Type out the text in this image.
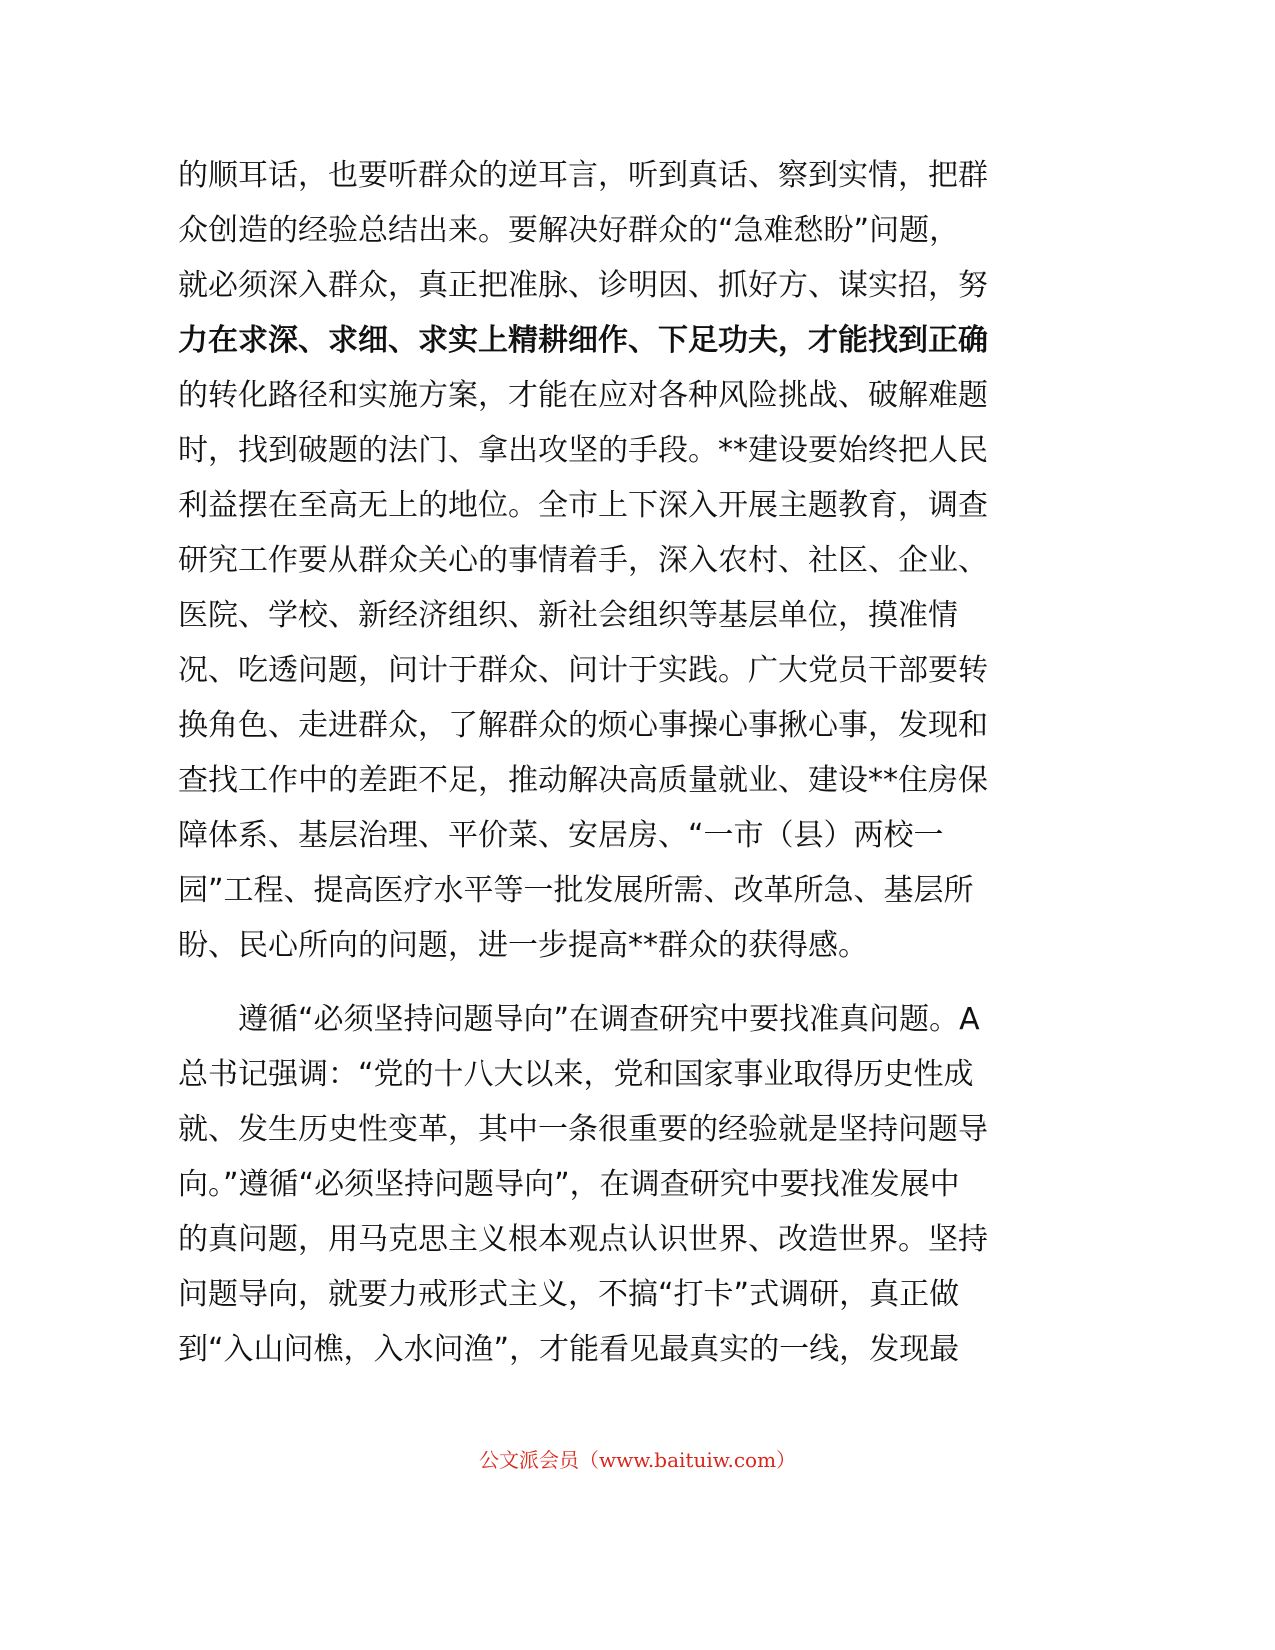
的顺耳话，也要听群众的逆耳言，听到真话、察到实情，把群
众创造的经验总结出来。要解决好群众的“急难愁盼”问题，
就必须深入群众，真正把准脉、诊明因、抓好方、谋实招，努
力在求深、求细、求实上精耕细作、下足功夫，才能找到正确
的转化路径和实施方案，才能在应对各种风险挑战、破解难题
时，找到破题的法门、拿出攻坚的手段。**建设要始终把人民
利益摆在至高无上的地位。全市上下深入开展主题教育，调查
研究工作要从群众关心的事情着手，深入农村、社区、企业、
医院、学校、新经济组织、新社会组织等基层单位，摸准情
况、吃透问题，问计于群众、问计于实践。广大党员干部要转
换角色、走进群众，了解群众的烦心事操心事揪心事，发现和
查找工作中的差距不足，推动解决高质量就业、建设**住房保
障体系、基层治理、平价菜、安居房、“一市（县）两校一
园”工程、提高医疗水平等一批发展所需、改革所急、基层所
盼、民心所向的问题，进一步提高**群众的获得感。
　　遵循“必须坚持问题导向”在调查研究中要找准真问题。A
总书记强调：“党的十八大以来，党和国家事业取得历史性成
就、发生历史性变革，其中一条很重要的经验就是坚持问题导
向。”遵循“必须坚持问题导向”，在调查研究中要找准发展中
的真问题，用马克思主义根本观点认识世界、改造世界。坚持
问题导向，就要力戒形式主义，不搞“打卡”式调研，真正做
到“入山问樵，入水问渔”，才能看见最真实的一线，发现最
公文派会员（www.baituiw.com）
